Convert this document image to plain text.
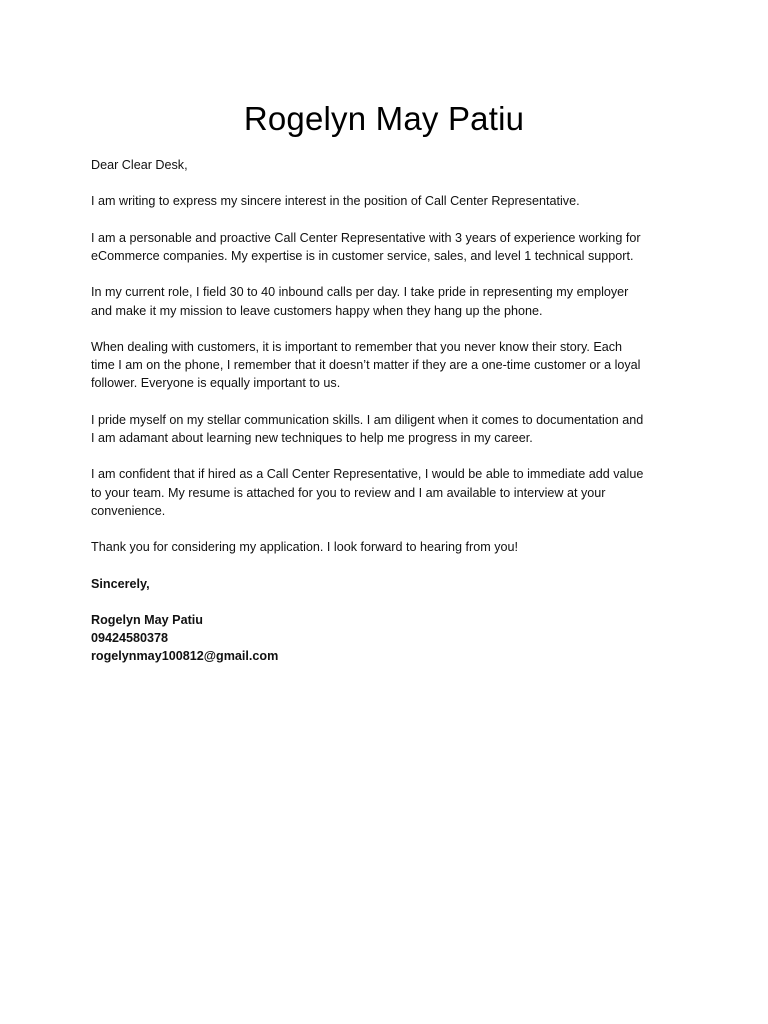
Rogelyn May Patiu
Dear Clear Desk,
I am writing to express my sincere interest in the position of Call Center Representative.
I am a personable and proactive Call Center Representative with 3 years of experience working for
eCommerce companies. My expertise is in customer service, sales, and level 1 technical support.
In my current role, I field 30 to 40 inbound calls per day. I take pride in representing my employer
and make it my mission to leave customers happy when they hang up the phone.
When dealing with customers, it is important to remember that you never know their story. Each
time I am on the phone, I remember that it doesn’t matter if they are a one-time customer or a loyal
follower. Everyone is equally important to us.
I pride myself on my stellar communication skills. I am diligent when it comes to documentation and
I am adamant about learning new techniques to help me progress in my career.
I am confident that if hired as a Call Center Representative, I would be able to immediate add value
to your team. My resume is attached for you to review and I am available to interview at your
convenience.
Thank you for considering my application. I look forward to hearing from you!
Sincerely,
Rogelyn May Patiu
09424580378
rogelynmay100812@gmail.com
